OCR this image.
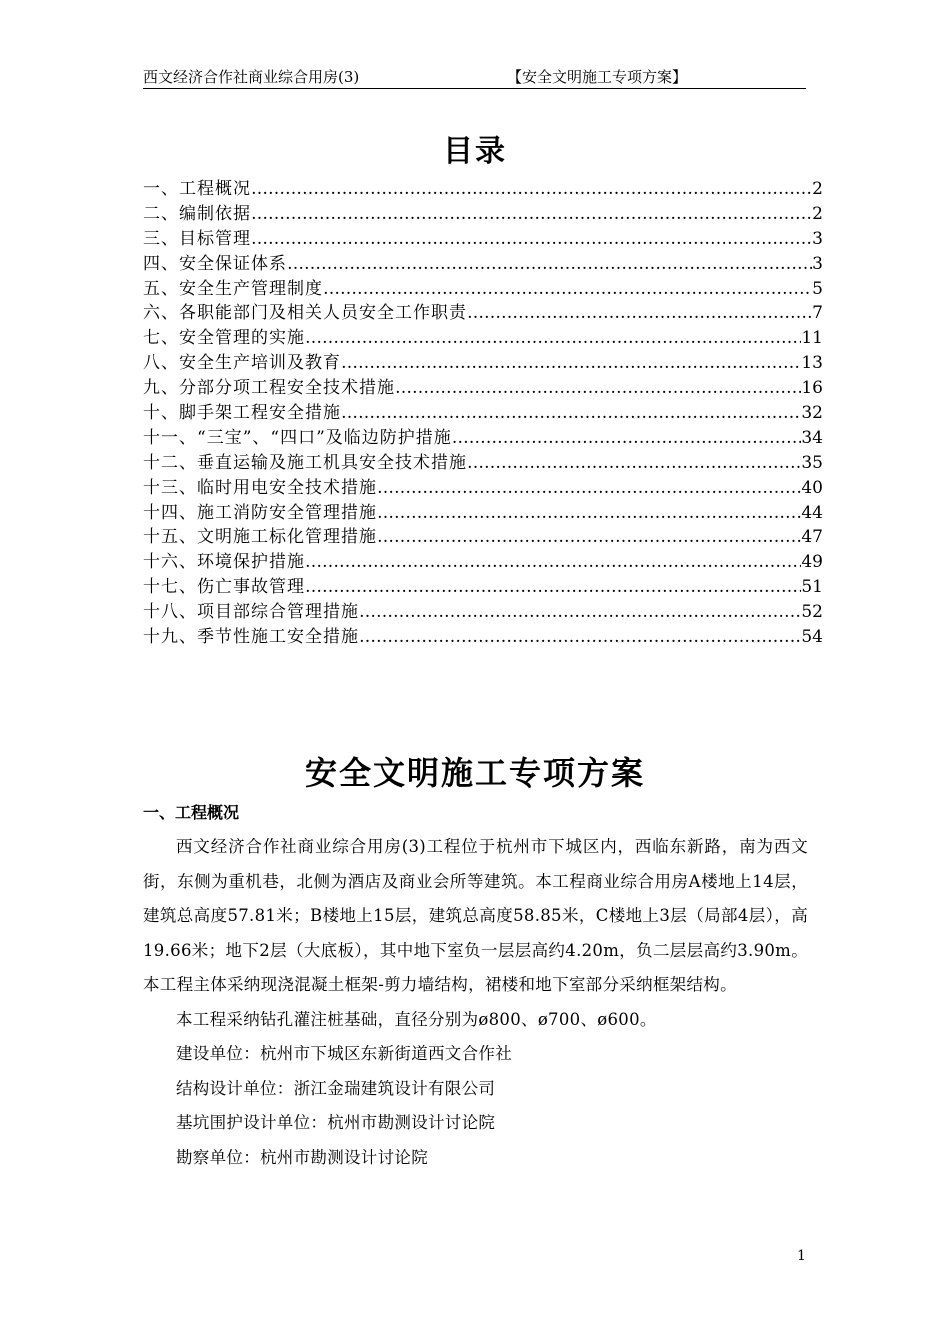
西文经济合作社商业综合用房(3)	【安全文明施工专项方案】
目录
一、 工程概况 ………………………………………………………………………………………………………………	2
二、 编制依据 ………………………………………………………………………………………………………………	2
三、 目标管理 ………………………………………………………………………………………………………………	3
四、 安全保证体系 ………………………………………………………………………………………………………………	3
五、 安全生产管理制度 ………………………………………………………………………………………………………………	5
六、 各职能部门及相关人员安全工作职责 ………………………………………………………………………………………………………………	7
七、 安全管理的实施 ………………………………………………………………………………………………………………	11
八、 安全生产培训及教育 ………………………………………………………………………………………………………………	13
九、 分部分项工程安全技术措施 ………………………………………………………………………………………………………………	16
十、 脚手架工程安全措施 ………………………………………………………………………………………………………………	32
十一、 “三宝”、“四口”及临边防护措施 ………………………………………………………………………………………………………………	34
十二、 垂直运输及施工机具安全技术措施 ………………………………………………………………………………………………………………	35
十三、 临时用电安全技术措施 ………………………………………………………………………………………………………………	40
十四、 施工消防安全管理措施 ………………………………………………………………………………………………………………	44
十五、 文明施工标化管理措施 ………………………………………………………………………………………………………………	47
十六、 环境保护措施 ………………………………………………………………………………………………………………	49
十七、 伤亡事故管理 ………………………………………………………………………………………………………………	51
十八、 项目部综合管理措施 ………………………………………………………………………………………………………………	52
十九、 季节性施工安全措施 ………………………………………………………………………………………………………………	54
安全文明施工专项方案
一、工程概况

西文经济合作社商业综合用房(3)工程位于杭州市下城区内，西临东新路，南为西文街，东侧为重机巷，北侧为酒店及商业会所等建筑。本工程商业综合用房A楼地上14层，建筑总高度57.81米；B楼地上15层，建筑总高度58.85米，C楼地上3层（局部4层），高19.66米；地下2层（大底板），其中地下室负一层层高约4.20m，负二层层高约3.90m。本工程主体采纳现浇混凝土框架-剪力墙结构，裙楼和地下室部分采纳框架结构。

本工程采纳钻孔灌注桩基础，直径分别为ø800、ø700、ø600。

建设单位：杭州市下城区东新街道西文合作社

结构设计单位：浙江金瑞建筑设计有限公司

基坑围护设计单位：杭州市勘测设计讨论院

勘察单位：杭州市勘测设计讨论院

1
